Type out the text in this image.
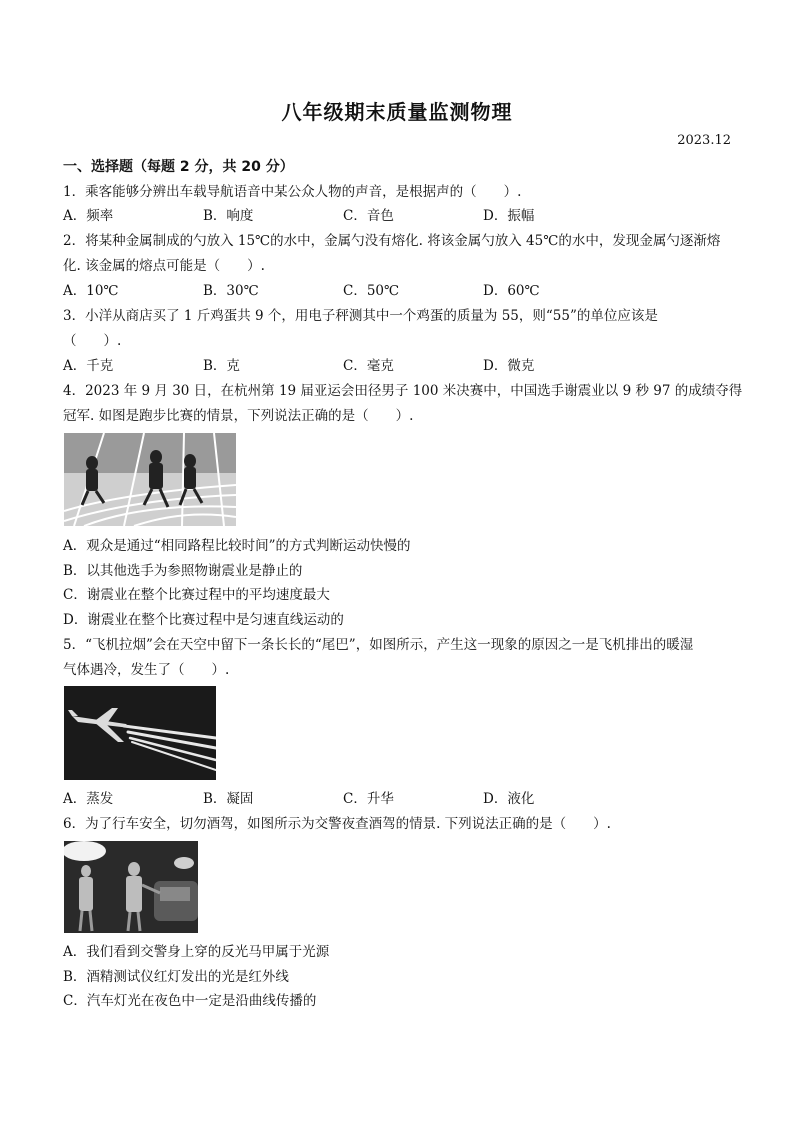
八年级期末质量监测物理
2023.12
一、选择题（每题 2 分，共 20 分）
1．乘客能够分辨出车载导航语音中某公众人物的声音，是根据声的（　　）.
A．频率	B．响度	C．音色	D．振幅
2．将某种金属制成的勺放入 15℃的水中，金属勺没有熔化. 将该金属勺放入 45℃的水中，发现金属勺逐渐熔
化. 该金属的熔点可能是（　　）.
A．10℃	B．30℃	C．50℃	D．60℃
3．小洋从商店买了 1 斤鸡蛋共 9 个，用电子秤测其中一个鸡蛋的质量为 55，则“55”的单位应该是
（　　）.
A．千克	B．克	C．毫克	D．微克
4．2023 年 9 月 30 日，在杭州第 19 届亚运会田径男子 100 米决赛中，中国选手谢震业以 9 秒 97 的成绩夺得
冠军. 如图是跑步比赛的情景，下列说法正确的是（　　）.
A．观众是通过“相同路程比较时间”的方式判断运动快慢的
B．以其他选手为参照物谢震业是静止的
C．谢震业在整个比赛过程中的平均速度最大
D．谢震业在整个比赛过程中是匀速直线运动的
5．“飞机拉烟”会在天空中留下一条长长的“尾巴”，如图所示，产生这一现象的原因之一是飞机排出的暖湿
气体遇冷，发生了（　　）.
A．蒸发	B．凝固	C．升华	D．液化
6．为了行车安全，切勿酒驾，如图所示为交警夜查酒驾的情景. 下列说法正确的是（　　）.
A．我们看到交警身上穿的反光马甲属于光源
B．酒精测试仪红灯发出的光是红外线
C．汽车灯光在夜色中一定是沿曲线传播的
